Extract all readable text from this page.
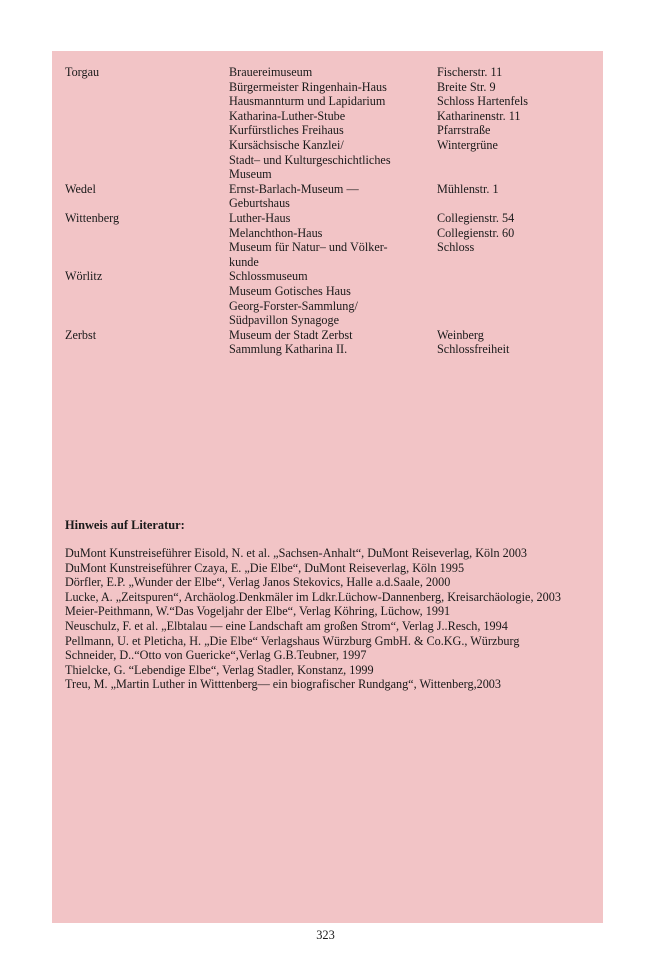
Torgau	Brauereimuseum	Fischerstr. 11
Bürgermeister Ringenhain-Haus	Breite Str. 9
Hausmannturm und Lapidarium	Schloss Hartenfels
Katharina-Luther-Stube	Katharinenstr. 11
Kurfürstliches Freihaus	Pfarrstraße
Kursächsische Kanzlei/	Wintergrüne
Stadt– und Kulturgeschichtliches
Museum
Wedel	Ernst-Barlach-Museum —	Mühlenstr. 1
Geburtshaus
Wittenberg	Luther-Haus	Collegienstr. 54
Melanchthon-Haus	Collegienstr. 60
Museum für Natur– und Völker-	Schloss
kunde
Wörlitz	Schlossmuseum
Museum Gotisches Haus
Georg-Forster-Sammlung/
Südpavillon Synagoge
Zerbst	Museum der Stadt Zerbst	Weinberg
Sammlung Katharina II.	Schlossfreiheit
Hinweis auf Literatur:
DuMont Kunstreiseführer Eisold, N. et al. „Sachsen-Anhalt“, DuMont Reiseverlag, Köln 2003
DuMont Kunstreiseführer Czaya, E. „Die Elbe“, DuMont Reiseverlag, Köln 1995
Dörfler, E.P. „Wunder der Elbe“, Verlag Janos Stekovics, Halle a.d.Saale, 2000
Lucke, A. „Zeitspuren“, Archäolog.Denkmäler im Ldkr.Lüchow-Dannenberg, Kreisarchäologie, 2003
Meier-Peithmann, W.“Das Vogeljahr der Elbe“, Verlag Köhring, Lüchow, 1991
Neuschulz, F. et al. „Elbtalau — eine Landschaft am großen Strom“, Verlag J..Resch, 1994
Pellmann, U. et Pleticha, H. „Die Elbe“ Verlagshaus Würzburg GmbH. & Co.KG., Würzburg
Schneider, D..“Otto von Guericke“,Verlag G.B.Teubner, 1997
Thielcke, G. “Lebendige Elbe“, Verlag Stadler, Konstanz, 1999
Treu, M. „Martin Luther in Witttenberg— ein biografischer Rundgang“, Wittenberg,2003
323
